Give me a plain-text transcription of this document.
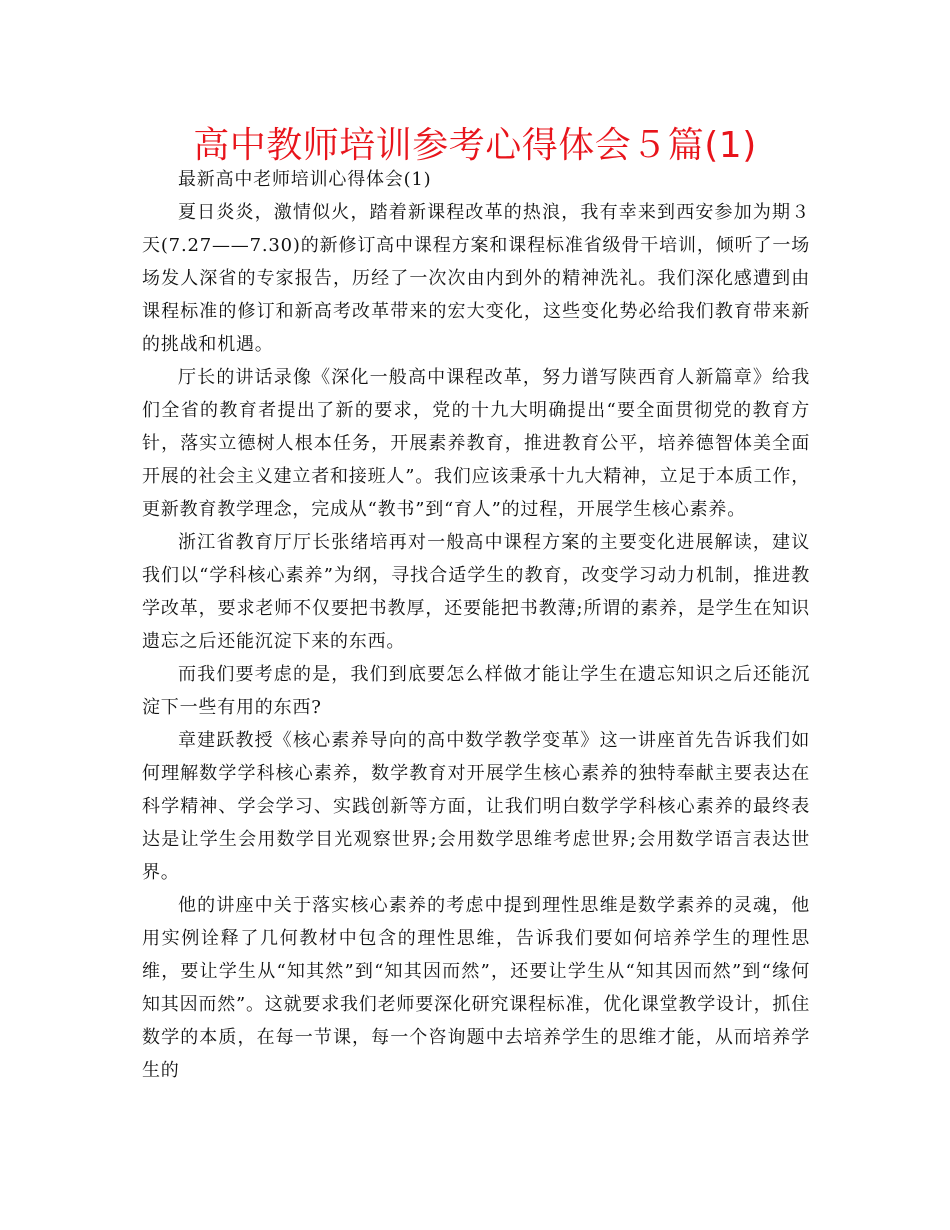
高中教师培训参考心得体会５篇(1)

最新高中老师培训心得体会(1)

夏日炎炎，激情似火，踏着新课程改革的热浪，我有幸来到西安参加为期３天(7.27——7.30)的新修订高中课程方案和课程标准省级骨干培训，倾听了一场场发人深省的专家报告，历经了一次次由内到外的精神洗礼。我们深化感遭到由课程标准的修订和新高考改革带来的宏大变化，这些变化势必给我们教育带来新的挑战和机遇。

厅长的讲话录像《深化一般高中课程改革，努力谱写陕西育人新篇章》给我们全省的教育者提出了新的要求，党的十九大明确提出“要全面贯彻党的教育方针，落实立德树人根本任务，开展素养教育，推进教育公平，培养德智体美全面开展的社会主义建立者和接班人”。我们应该秉承十九大精神，立足于本质工作，更新教育教学理念，完成从“教书”到“育人”的过程，开展学生核心素养。

浙江省教育厅厅长张绪培再对一般高中课程方案的主要变化进展解读，建议我们以“学科核心素养”为纲，寻找合适学生的教育，改变学习动力机制，推进教学改革，要求老师不仅要把书教厚，还要能把书教薄;所谓的素养，是学生在知识遗忘之后还能沉淀下来的东西。

而我们要考虑的是，我们到底要怎么样做才能让学生在遗忘知识之后还能沉淀下一些有用的东西?

章建跃教授《核心素养导向的高中数学教学变革》这一讲座首先告诉我们如何理解数学学科核心素养，数学教育对开展学生核心素养的独特奉献主要表达在科学精神、学会学习、实践创新等方面，让我们明白数学学科核心素养的最终表达是让学生会用数学目光观察世界;会用数学思维考虑世界;会用数学语言表达世界。

他的讲座中关于落实核心素养的考虑中提到理性思维是数学素养的灵魂，他用实例诠释了几何教材中包含的理性思维，告诉我们要如何培养学生的理性思维，要让学生从“知其然”到“知其因而然”，还要让学生从“知其因而然”到“缘何知其因而然”。这就要求我们老师要深化研究课程标准，优化课堂教学设计，抓住数学的本质，在每一节课，每一个咨询题中去培养学生的思维才能，从而培养学生的
